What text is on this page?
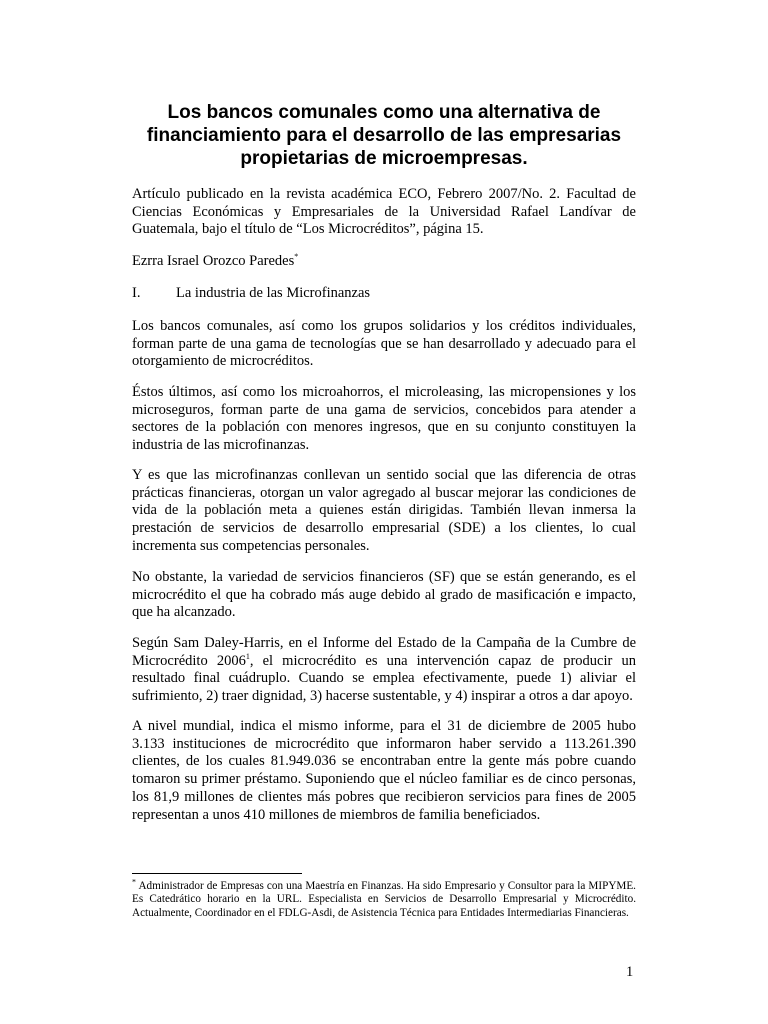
Los bancos comunales como una alternativa de financiamiento para el desarrollo de las empresarias propietarias de microempresas.

Artículo publicado en la revista académica ECO, Febrero 2007/No. 2. Facultad de Ciencias Económicas y Empresariales de la Universidad Rafael Landívar de Guatemala, bajo el título de “Los Microcréditos”, página 15.

Ezrra Israel Orozco Paredes*
I. La industria de las Microfinanzas

Los bancos comunales, así como los grupos solidarios y los créditos individuales, forman parte de una gama de tecnologías que se han desarrollado y adecuado para el otorgamiento de microcréditos.

Éstos últimos, así como los microahorros, el microleasing, las micropensiones y los microseguros, forman parte de una gama de servicios, concebidos para atender a sectores de la población con menores ingresos, que en su conjunto constituyen la industria de las microfinanzas.

Y es que las microfinanzas conllevan un sentido social que las diferencia de otras prácticas financieras, otorgan un valor agregado al buscar mejorar las condiciones de vida de la población meta a quienes están dirigidas. También llevan inmersa la prestación de servicios de desarrollo empresarial (SDE) a los clientes, lo cual incrementa sus competencias personales.

No obstante, la variedad de servicios financieros (SF) que se están generando, es el microcrédito el que ha cobrado más auge debido al grado de masificación e impacto, que ha alcanzado.

Según Sam Daley-Harris, en el Informe del Estado de la Campaña de la Cumbre de Microcrédito 2006$^1$, el microcrédito es una intervención capaz de producir un resultado final cuádruplo. Cuando se emplea efectivamente, puede 1) aliviar el sufrimiento, 2) traer dignidad, 3) hacerse sustentable, y 4) inspirar a otros a dar apoyo.

A nivel mundial, indica el mismo informe, para el 31 de diciembre de 2005 hubo 3.133 instituciones de microcrédito que informaron haber servido a 113.261.390 clientes, de los cuales 81.949.036 se encontraban entre la gente más pobre cuando tomaron su primer préstamo. Suponiendo que el núcleo familiar es de cinco personas, los 81,9 millones de clientes más pobres que recibieron servicios para fines de 2005 representan a unos 410 millones de miembros de familia beneficiados.

* Administrador de Empresas con una Maestría en Finanzas. Ha sido Empresario y Consultor para la MIPYME. Es Catedrático horario en la URL. Especialista en Servicios de Desarrollo Empresarial y Microcrédito. Actualmente, Coordinador en el FDLG-Asdi, de Asistencia Técnica para Entidades Intermediarias Financieras.

1
